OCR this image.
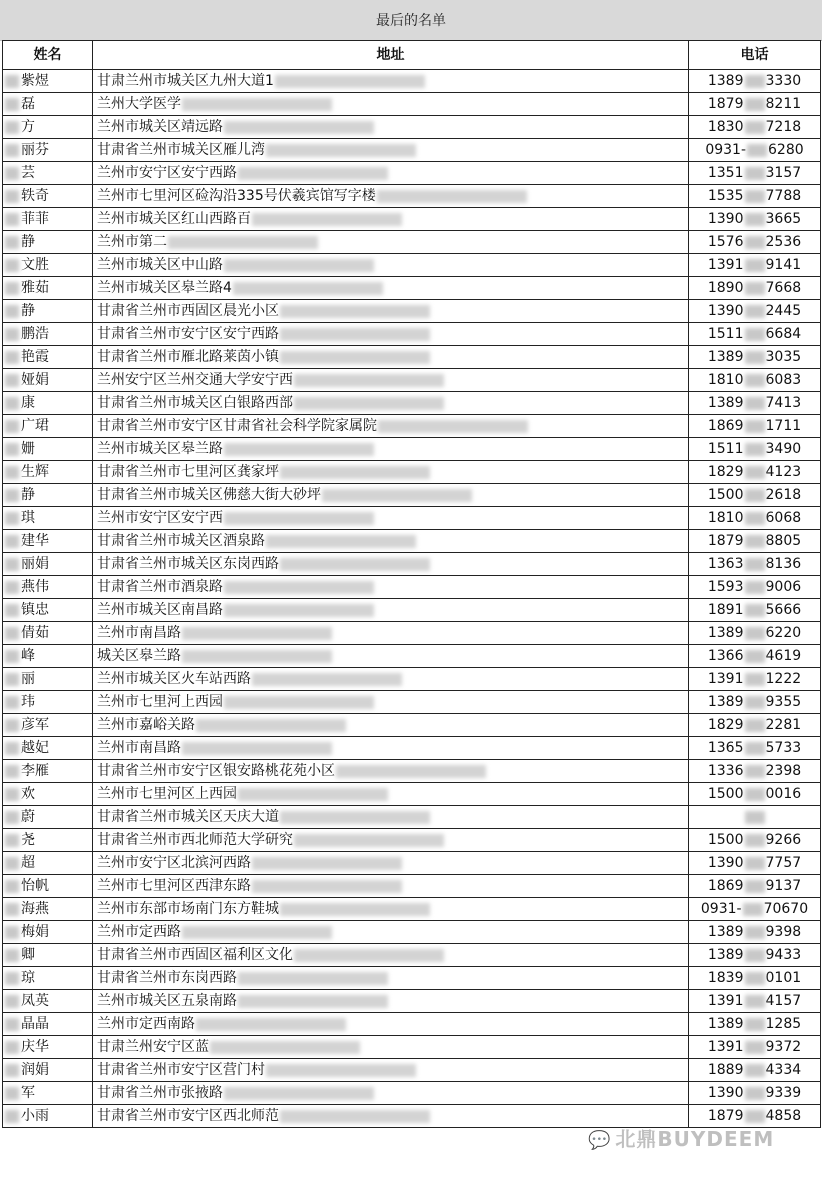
最后的名单
姓名	地址	电话
紫煜	甘肃兰州市城关区九州大道1	1389 3330
磊	兰州大学医学	1879 8211
方	兰州市城关区靖远路	1830 7218
丽芬	甘肃省兰州市城关区雁儿湾	0931- 6280
芸	兰州市安宁区安宁西路	1351 3157
轶奇	兰州市七里河区硷沟沿335号伏羲宾馆写字楼	1535 7788
菲菲	兰州市城关区红山西路百	1390 3665
静	兰州市第二	1576 2536
文胜	兰州市城关区中山路	1391 9141
雅茹	兰州市城关区皋兰路4	1890 7668
静	甘肃省兰州市西固区晨光小区	1390 2445
鹏浩	甘肃省兰州市安宁区安宁西路	1511 6684
艳霞	甘肃省兰州市雁北路莱茵小镇	1389 3035
娅娟	兰州安宁区兰州交通大学安宁西	1810 6083
康	甘肃省兰州市城关区白银路西部	1389 7413
广珺	甘肃省兰州市安宁区甘肃省社会科学院家属院	1869 1711
姗	兰州市城关区皋兰路	1511 3490
生辉	甘肃省兰州市七里河区龚家坪	1829 4123
静	甘肃省兰州市城关区佛慈大街大砂坪	1500 2618
琪	兰州市安宁区安宁西	1810 6068
建华	甘肃省兰州市城关区酒泉路	1879 8805
丽娟	甘肃省兰州市城关区东岗西路	1363 8136
燕伟	甘肃省兰州市酒泉路	1593 9006
镇忠	兰州市城关区南昌路	1891 5666
倩茹	兰州市南昌路	1389 6220
峰	城关区皋兰路	1366 4619
丽	兰州市城关区火车站西路	1391 1222
玮	兰州市七里河上西园	1389 9355
彦军	兰州市嘉峪关路	1829 2281
越妃	兰州市南昌路	1365 5733
李雁	甘肃省兰州市安宁区银安路桃花苑小区	1336 2398
欢	兰州市七里河区上西园	1500 0016
蔚	甘肃省兰州市城关区天庆大道	
尧	甘肃省兰州市西北师范大学研究	1500 9266
超	兰州市安宁区北滨河西路	1390 7757
怡帆	兰州市七里河区西津东路	1869 9137
海燕	兰州市东部市场南门东方鞋城	0931- 70670
梅娟	兰州市定西路	1389 9398
卿	甘肃省兰州市西固区福利区文化	1389 9433
琼	甘肃省兰州市东岗西路	1839 0101
凤英	兰州市城关区五泉南路	1391 4157
晶晶	兰州市定西南路	1389 1285
庆华	甘肃兰州安宁区蓝	1391 9372
润娟	甘肃省兰州市安宁区营门村	1889 4334
军	甘肃省兰州市张掖路	1390 9339
小雨	甘肃省兰州市安宁区西北师范	1879 4858
💬 北鼎BUYDEEM
